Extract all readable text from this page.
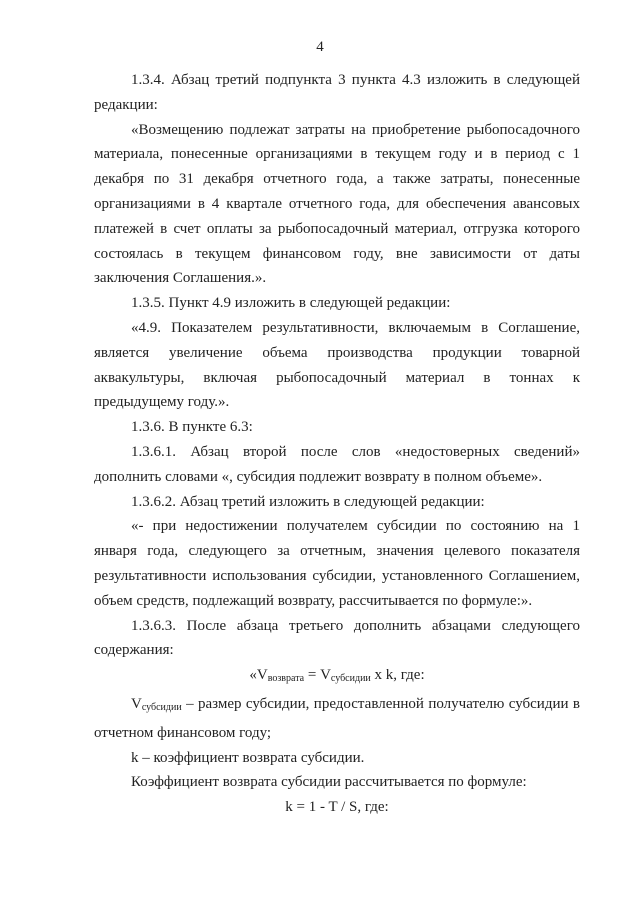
4

1.3.4. Абзац третий подпункта 3 пункта 4.3 изложить в следующей редакции:

«Возмещению подлежат затраты на приобретение рыбопосадочного материала, понесенные организациями в текущем году и в период с 1 декабря по 31 декабря отчетного года, а также затраты, понесенные организациями в 4 квартале отчетного года, для обеспечения авансовых платежей в счет оплаты за рыбопосадочный материал, отгрузка которого состоялась в текущем финансовом году, вне зависимости от даты заключения Соглашения.».

1.3.5. Пункт 4.9 изложить в следующей редакции:

«4.9. Показателем результативности, включаемым в Соглашение, является увеличение объема производства продукции товарной аквакультуры, включая рыбопосадочный материал в тоннах к предыдущему году.».

1.3.6. В пункте 6.3:

1.3.6.1. Абзац второй после слов «недостоверных сведений» дополнить словами «, субсидия подлежит возврату в полном объеме».

1.3.6.2. Абзац третий изложить в следующей редакции:

«- при недостижении получателем субсидии по состоянию на 1 января года, следующего за отчетным, значения целевого показателя результативности использования субсидии, установленного Соглашением, объем средств, подлежащий возврату, рассчитывается по формуле:».

1.3.6.3. После абзаца третьего дополнить абзацами следующего содержания:

«$V_{возврата} = V_{субсидии}$ x k, где:

$V_{субсидии}$ – размер субсидии, предоставленной получателю субсидии в отчетном финансовом году;

k – коэффициент возврата субсидии.

Коэффициент возврата субсидии рассчитывается по формуле:

k = 1 - T / S, где:
